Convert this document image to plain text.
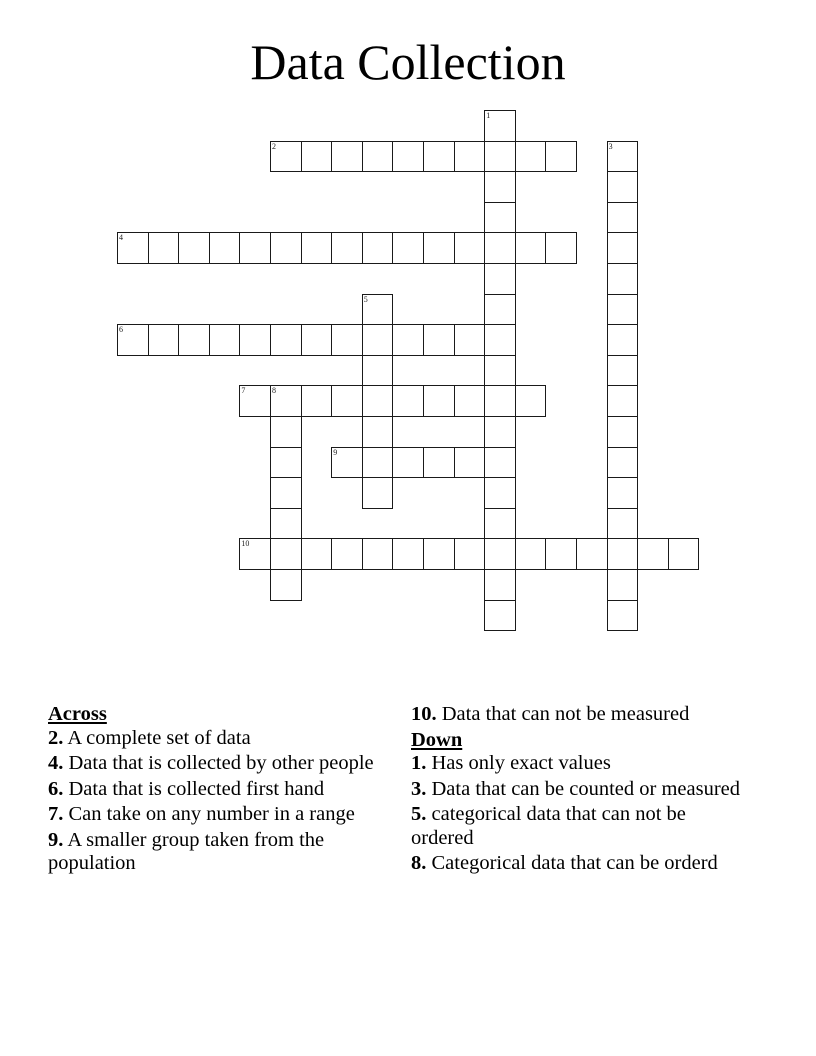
Data Collection
1
2	3
4
5
6
7	8
9
10
Across
2. A complete set of data
4. Data that is collected by other people
6. Data that is collected first hand
7. Can take on any number in a range
9. A smaller group taken from the population
10. Data that can not be measured
Down
1. Has only exact values
3. Data that can be counted or measured
5. categorical data that can not be ordered
8. Categorical data that can be orderd
